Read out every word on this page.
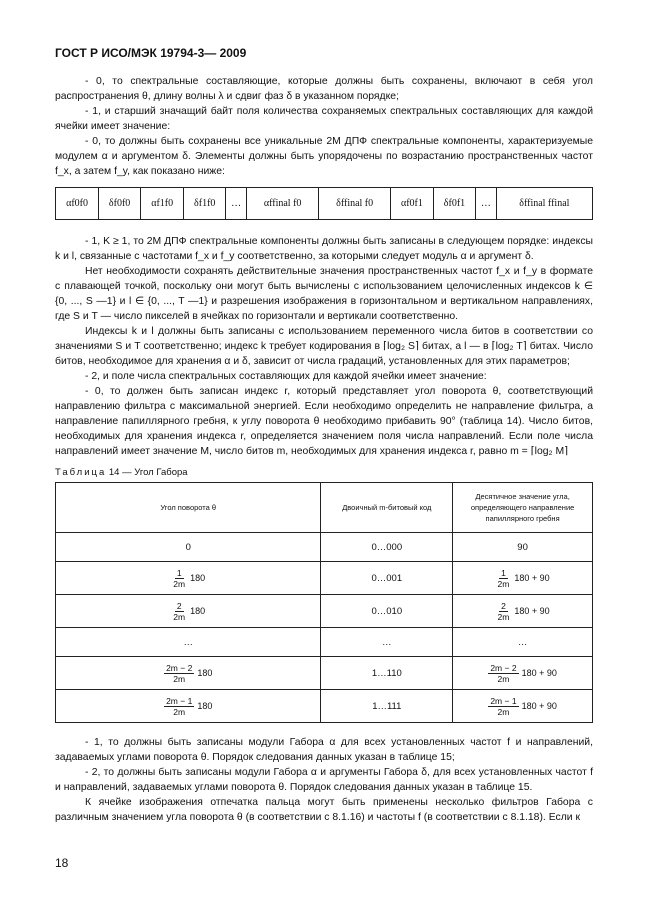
ГОСТ Р ИСО/МЭК 19794-3— 2009

- 0, то спектральные составляющие, которые должны быть сохранены, включают в себя угол распространения θ, длину волны λ и сдвиг фаз δ в указанном порядке;

- 1, и старший значащий байт поля количества сохраняемых спектральных составляющих для каждой ячейки имеет значение:

- 0, то должны быть сохранены все уникальные 2М ДПФ спектральные компоненты, характеризуемые модулем α и аргументом δ. Элементы должны быть упорядочены по возрастанию пространственных частот f_x, а затем f_y, как показано ниже:

αf0f0	δf0f0	αf1f0	δf1f0	…	αffinal f0	δffinal f0	αf0f1	δf0f1	…	δffinal ffinal

- 1, K ≥ 1, то 2М ДПФ спектральные компоненты должны быть записаны в следующем порядке: индексы k и l, связанные с частотами f_x и f_y соответственно, за которыми следует модуль α и аргумент δ.

Нет необходимости сохранять действительные значения пространственных частот f_x и f_y в формате с плавающей точкой, поскольку они могут быть вычислены с использованием целочисленных индексов k ∈ {0, ..., S —1} и l ∈ {0, ..., T —1} и разрешения изображения в горизонтальном и вертикальном направлениях, где S и T — число пикселей в ячейках по горизонтали и вертикали соответственно.

Индексы k и l должны быть записаны с использованием переменного числа битов в соответствии со значениями S и T соответственно; индекс k требует кодирования в ⌈log₂ S⌉ битах, а l — в ⌈log₂ T⌉ битах. Число битов, необходимое для хранения α и δ, зависит от числа градаций, установленных для этих параметров;

- 2, и поле числа спектральных составляющих для каждой ячейки имеет значение:

- 0, то должен быть записан индекс r, который представляет угол поворота θ, соответствующий направлению фильтра с максимальной энергией. Если необходимо определить не направление фильтра, а направление папиллярного гребня, к углу поворота θ необходимо прибавить 90° (таблица 14). Число битов, необходимых для хранения индекса r, определяется значением поля числа направлений. Если поле числа направлений имеет значение M, число битов m, необходимых для хранения индекса r, равно m = ⌈log₂ M⌉

Таблица 14 — Угол Габора
Угол поворота θ	Двоичный m-битовый код	Десятичное значение угла, определяющего направление папиллярного гребня
0	0…000	90

$\frac{1}{2m} 180$	0…001	$\frac{1}{2m} 180 + 90$

$\frac{2}{2m} 180$	0…010	$\frac{2}{2m} 180 + 90$
…	…	…

$\frac{2m - 2}{2m} 180$	1…110	$\frac{2m - 2}{2m} 180 + 90$

$\frac{2m - 1}{2m} 180$	1…111	$\frac{2m - 1}{2m} 180 + 90$

- 1, то должны быть записаны модули Габора α для всех установленных частот f и направлений, задаваемых углами поворота θ. Порядок следования данных указан в таблице 15;

- 2, то должны быть записаны модули Габора α и аргументы Габора δ, для всех установленных частот f и направлений, задаваемых углами поворота θ. Порядок следования данных указан в таблице 15.

К ячейке изображения отпечатка пальца могут быть применены несколько фильтров Габора с различным значением угла поворота θ (в соответствии с 8.1.16) и частоты f (в соответствии с 8.1.18). Если к

18
